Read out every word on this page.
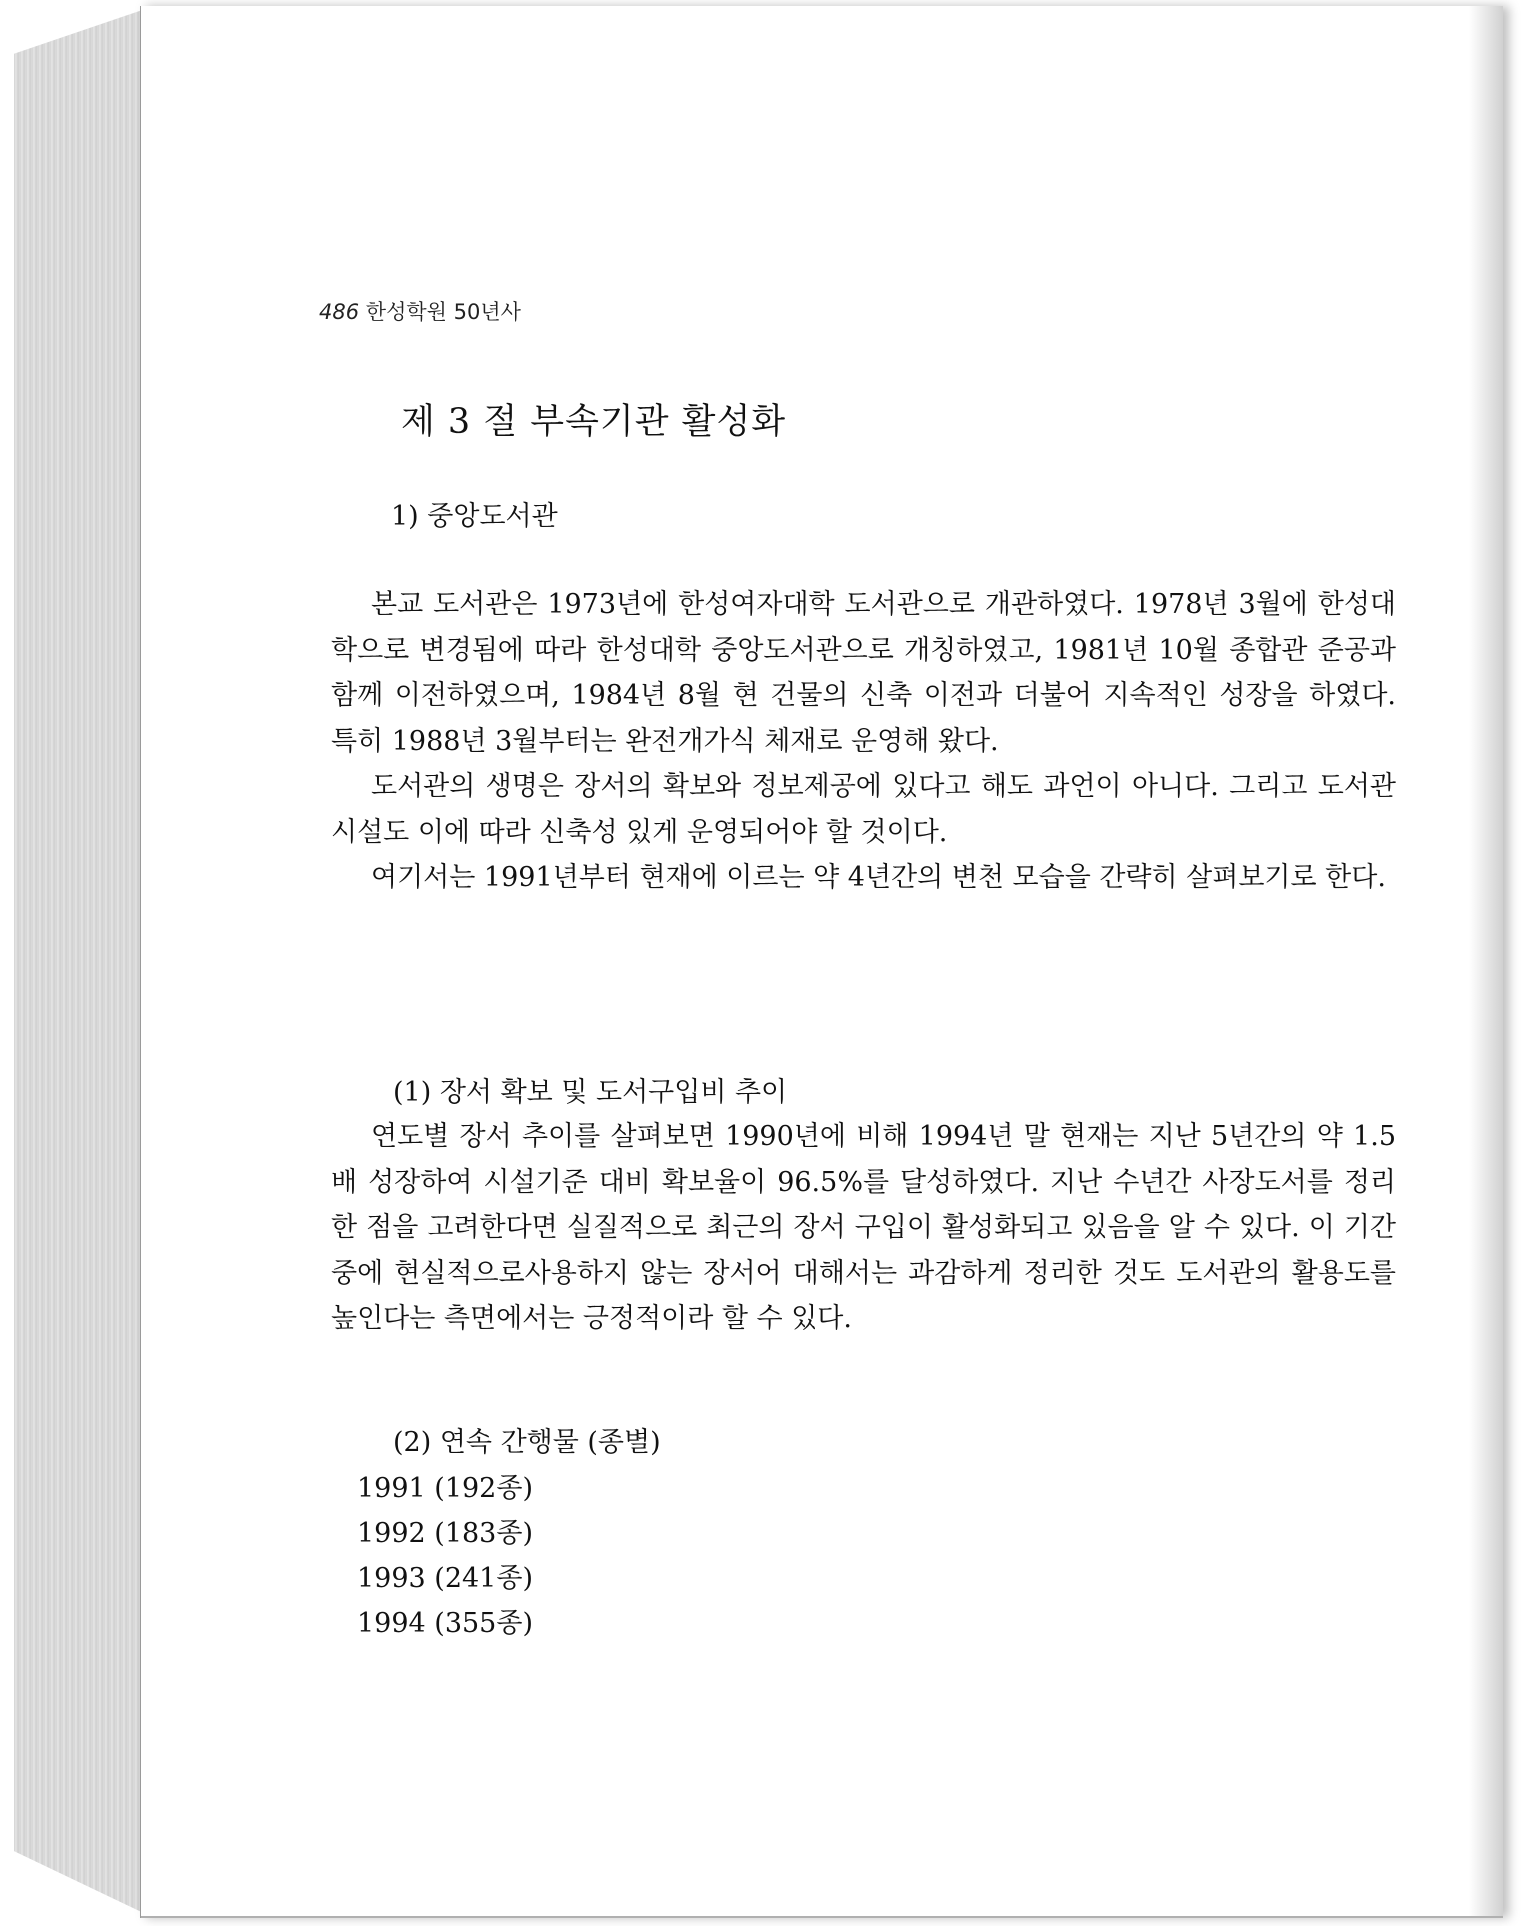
486 한성학원 50년사
제 3 절 부속기관 활성화
1) 중앙도서관

본교 도서관은 1973년에 한성여자대학 도서관으로 개관하였다. 1978년 3월에 한성대학으로 변경됨에 따라 한성대학 중앙도서관으로 개칭하였고, 1981년 10월 종합관 준공과 함께 이전하였으며, 1984년 8월 현 건물의 신축 이전과 더불어 지속적인 성장을 하였다. 특히 1988년 3월부터는 완전개가식 체재로 운영해 왔다.

도서관의 생명은 장서의 확보와 정보제공에 있다고 해도 과언이 아니다. 그리고 도서관 시설도 이에 따라 신축성 있게 운영되어야 할 것이다.

여기서는 1991년부터 현재에 이르는 약 4년간의 변천 모습을 간략히 살펴보기로 한다.

(1) 장서 확보 및 도서구입비 추이

연도별 장서 추이를 살펴보면 1990년에 비해 1994년 말 현재는 지난 5년간의 약 1.5배 성장하여 시설기준 대비 확보율이 96.5%를 달성하였다. 지난 수년간 사장도서를 정리한 점을 고려한다면 실질적으로 최근의 장서 구입이 활성화되고 있음을 알 수 있다. 이 기간 중에 현실적으로사용하지 않는 장서어 대해서는 과감하게 정리한 것도 도서관의 활용도를 높인다는 측면에서는 긍정적이라 할 수 있다.

(2) 연속 간행물 (종별)
1991 (192종)
1992 (183종)
1993 (241종)
1994 (355종)
